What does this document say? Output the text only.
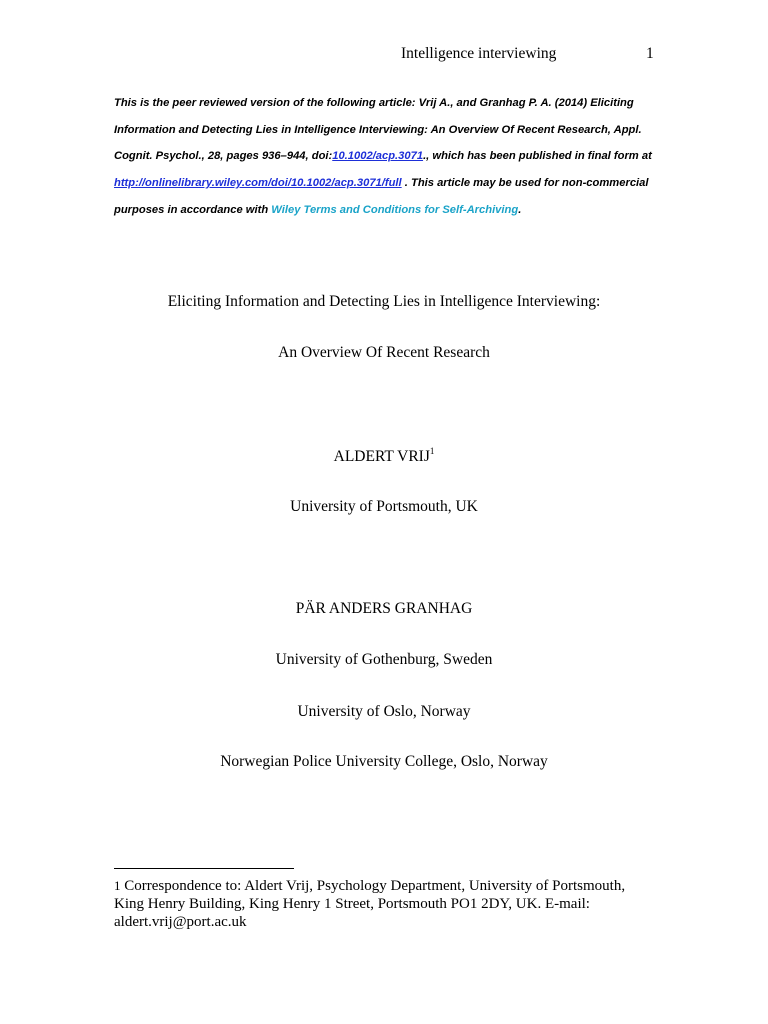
Intelligence interviewing	1

This is the peer reviewed version of the following article: Vrij A., and Granhag P. A. (2014) Eliciting Information and Detecting Lies in Intelligence Interviewing: An Overview Of Recent Research, Appl. Cognit. Psychol., 28, pages 936–944, doi:10.1002/acp.3071., which has been published in final form at http://onlinelibrary.wiley.com/doi/10.1002/acp.3071/full . This article may be used for non-commercial purposes in accordance with Wiley Terms and Conditions for Self-Archiving.

Eliciting Information and Detecting Lies in Intelligence Interviewing:

An Overview Of Recent Research

ALDERT VRIJ$^1$

University of Portsmouth, UK

PÄR ANDERS GRANHAG

University of Gothenburg, Sweden

University of Oslo, Norway

Norwegian Police University College, Oslo, Norway

1 Correspondence to: Aldert Vrij, Psychology Department, University of Portsmouth, King Henry Building, King Henry 1 Street, Portsmouth PO1 2DY, UK. E-mail: aldert.vrij@port.ac.uk
